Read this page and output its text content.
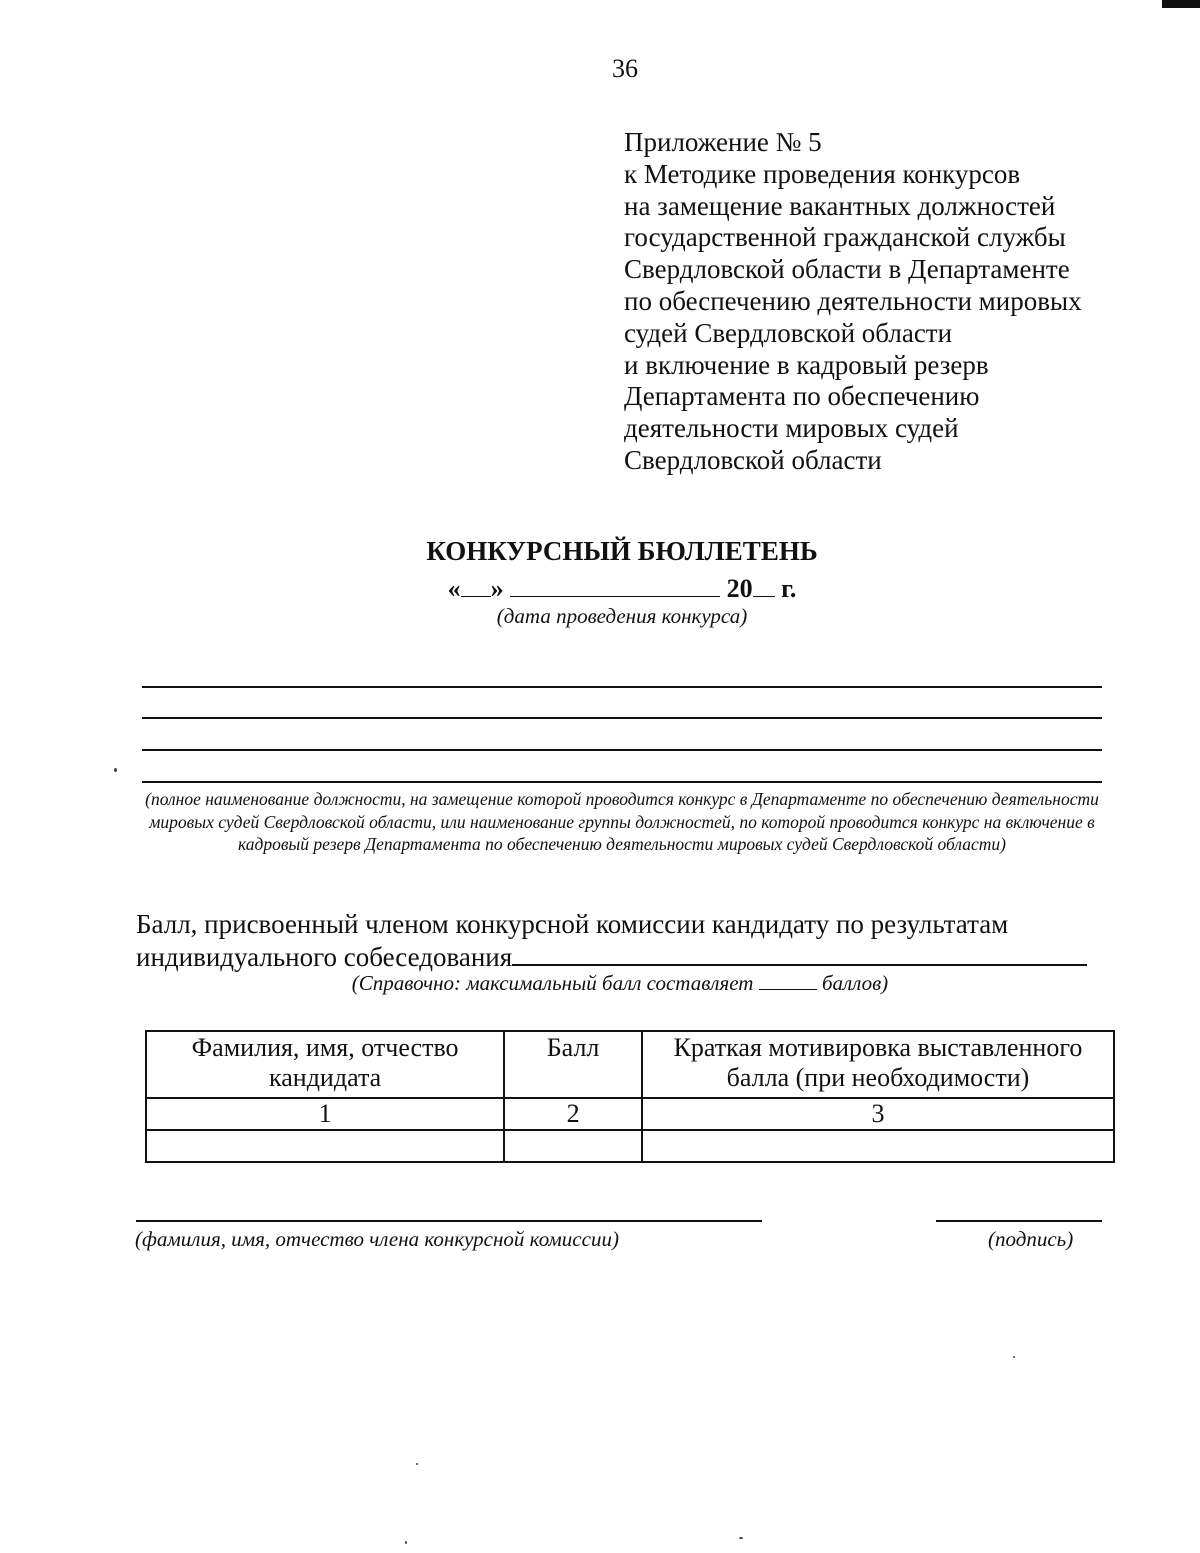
36
Приложение № 5
к Методике проведения конкурсов
на замещение вакантных должностей
государственной гражданской службы
Свердловской области в Департаменте
по обеспечению деятельности мировых
судей Свердловской области
и включение в кадровый резерв
Департамента по обеспечению
деятельности мировых судей
Свердловской области
КОНКУРСНЫЙ БЮЛЛЕТЕНЬ
« »	20 г.
(дата проведения конкурса)
(полное наименование должности, на замещение которой проводится конкурс в Департаменте по обеспечению деятельности мировых судей Свердловской области, или наименование группы должностей, по которой проводится конкурс на включение в кадровый резерв Департамента по обеспечению деятельности мировых судей Свердловской области)
Балл, присвоенный членом конкурсной комиссии кандидату по результатам
индивидуального собеседования
(Справочно: максимальный балл составляет	баллов)
Фамилия, имя, отчество кандидата	Балл	Краткая мотивировка выставленного балла (при необходимости)
1	2	3

(фамилия, имя, отчество члена конкурсной комиссии)	(подпись)
